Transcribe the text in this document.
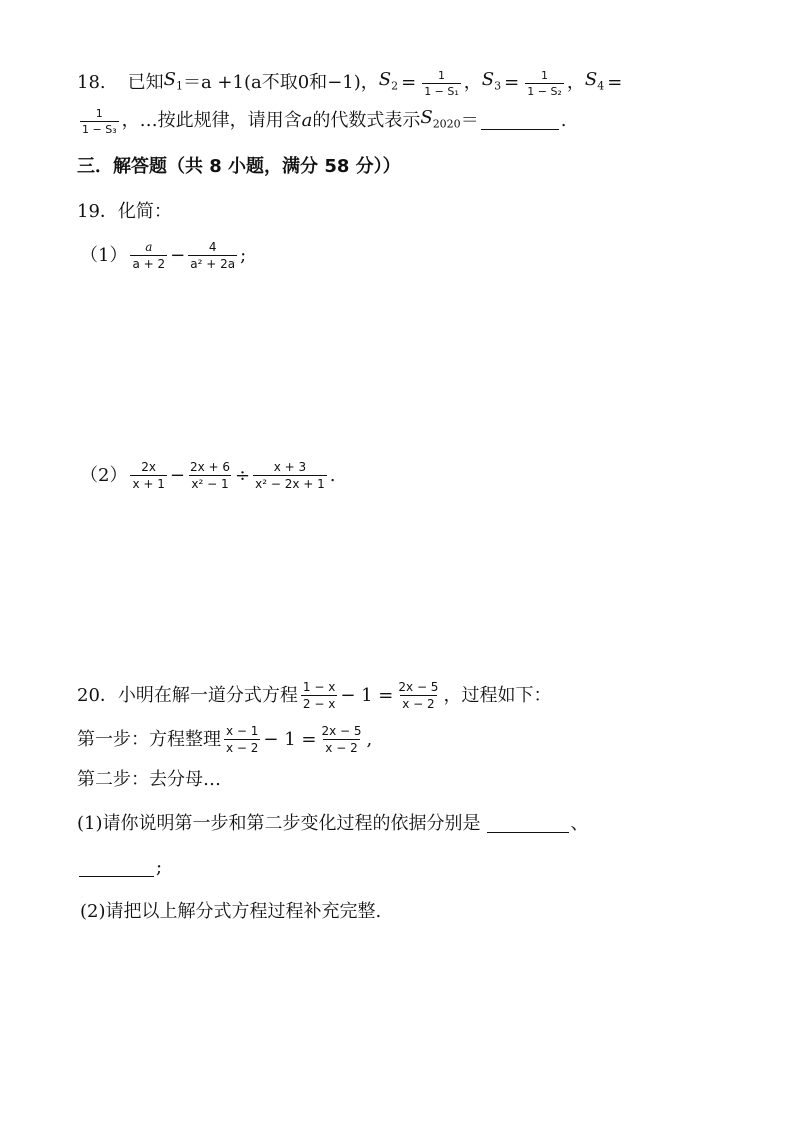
18. 已知 $S_1 =a +1(a$ 不取0和 −1)， $S_2 = \frac{1}{\text{1 − S₁}}$ ， $S_3 = \frac{1}{\text{1 − S₂}}$ ， $S_4$ =
$\frac{1}{\text{1 − S₃}}$ ，…按此规律，请用含 a 的代数式表示 $S_{2020}$ ＝	.
三．解答题（共 8 小题，满分 58 分））
19．化简：
$(1) \frac{a}{a + 2} - \frac{4}{\text{a² + 2a}}$ ;
$(2) \frac{2x}{x + 1} - \frac{2x + 6}{\text{x² − 1}} \div \frac{x + 3}{\text{x² − 2x + 1}}$ .
20．小明在解一道分式方程 $\frac{1 - x}{2 - x} - 1 = \frac{2x - 5}{x - 2}$ ，过程如下：
第一步：方程整理 $\frac{x - 1}{x - 2} - 1 = \frac{2x - 5}{x - 2}$ ,
第二步：去分母…
(1)请你说明第一步和第二步变化过程的依据分别是	、
;
(2)请把以上解分式方程过程补充完整.
